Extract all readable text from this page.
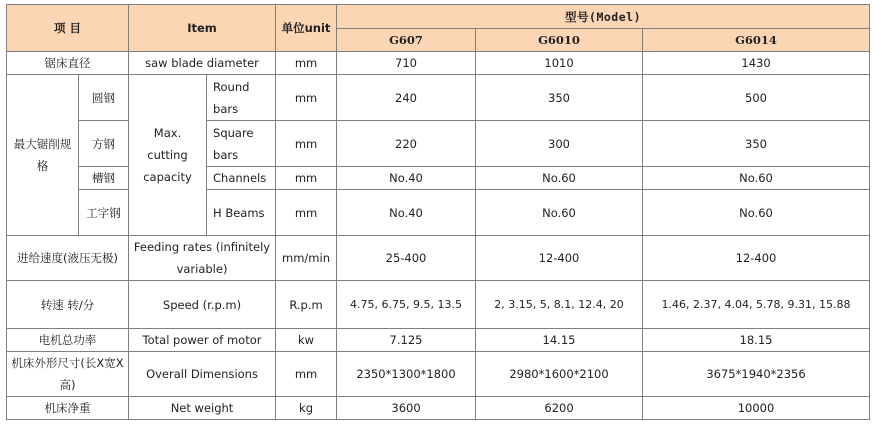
项 目		Item		单位unit	型号(Model)		
					G607	G6010	G6014
锯床直径		saw blade diameter		mm	710	1010	1430
最大锯削规格	圆钢	Max. cutting capacity	Round bars	mm	240	350	500
	方钢		Square bars	mm	220	300	350
	槽钢		Channels	mm	No.40	No.60	No.60
	工字钢		H Beams	mm	No.40	No.60	No.60
进给速度(液压无极)		Feeding rates (infinitely variable)		mm/min	25-400	12-400	12-400
转速 转/分		Speed (r.p.m)		R.p.m	4.75, 6.75, 9.5, 13.5	2, 3.15, 5, 8.1, 12.4, 20	1.46, 2.37, 4.04, 5.78, 9.31, 15.88
电机总功率		Total power of motor		kw	7.125	14.15	18.15
机床外形尺寸(长X宽X高)		Overall Dimensions		mm	2350*1300*1800	2980*1600*2100	3675*1940*2356
机床净重		Net weight		kg	3600	6200	10000
